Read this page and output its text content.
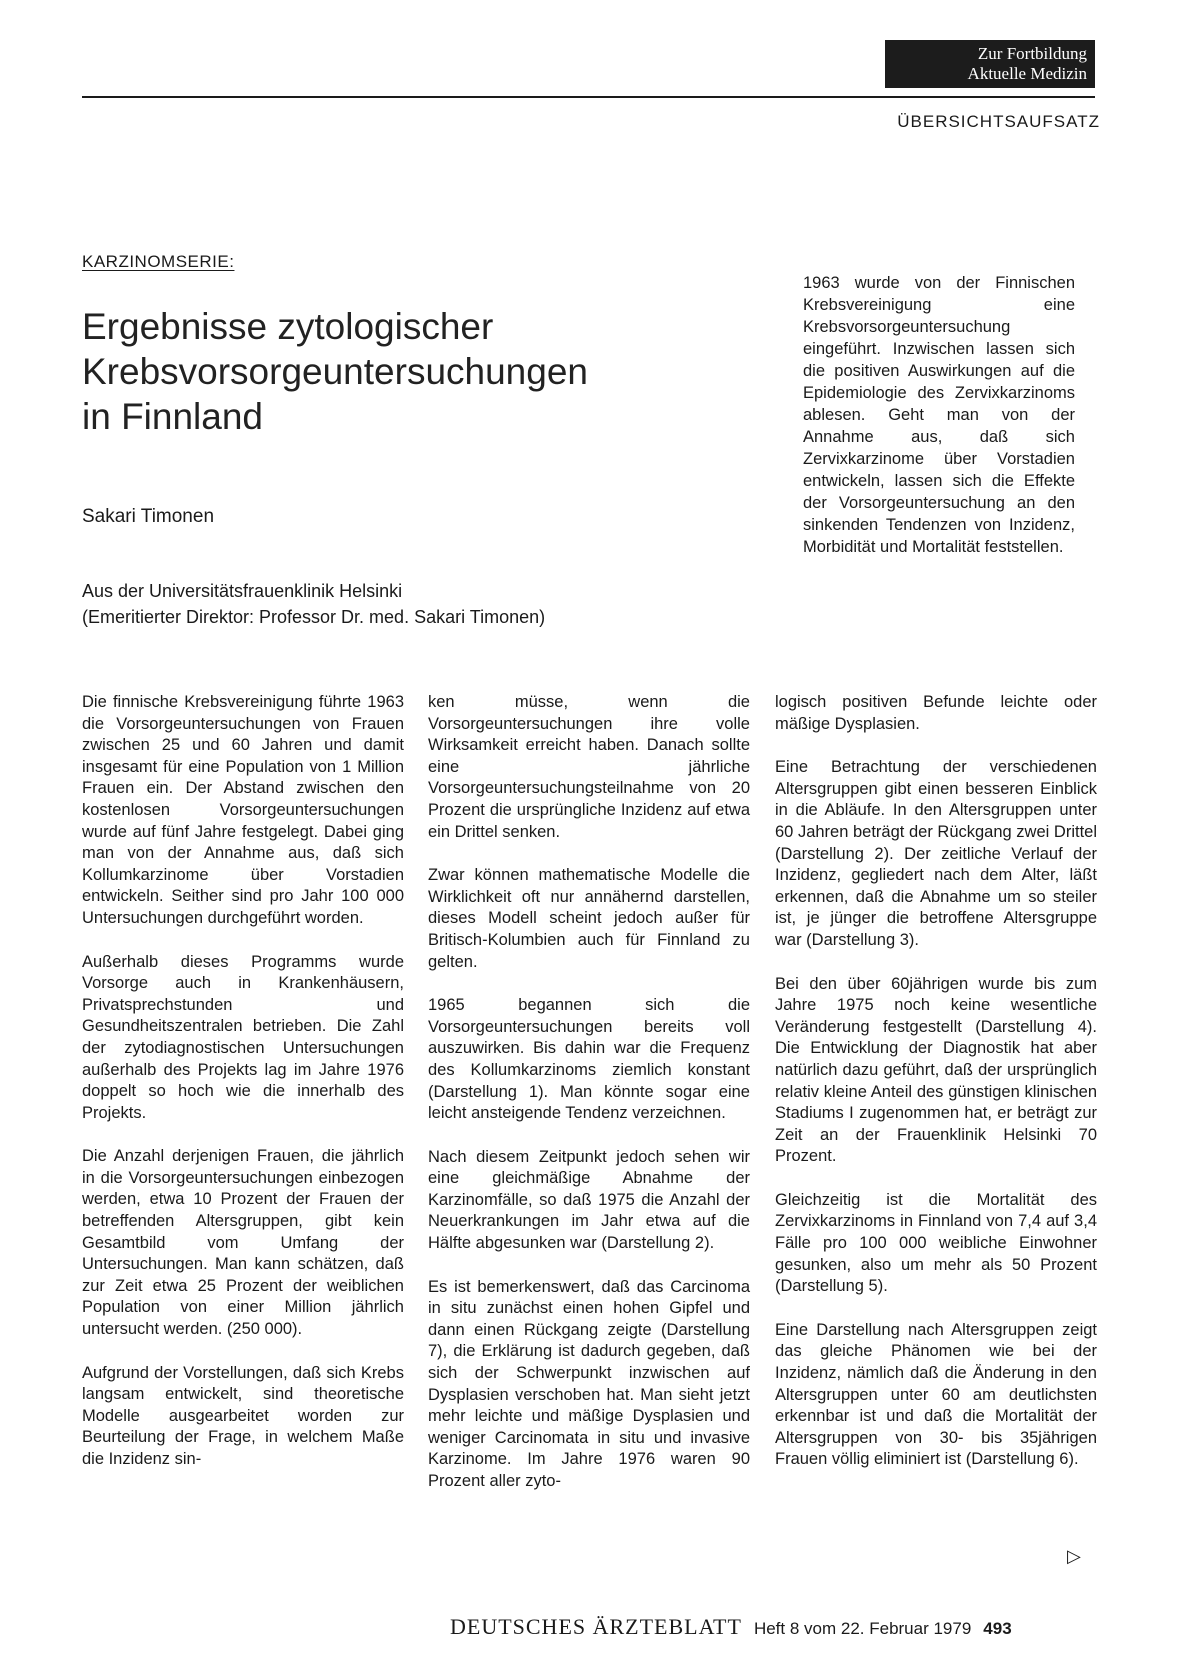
Zur Fortbildung
Aktuelle Medizin
ÜBERSICHTSAUFSATZ
KARZINOMSERIE:
Ergebnisse zytologischer
Krebsvorsorgeuntersuchungen
in Finnland
Sakari Timonen
Aus der Universitätsfrauenklinik Helsinki
(Emeritierter Direktor: Professor Dr. med. Sakari Timonen)

1963 wurde von der Finnischen Krebsvereinigung eine Krebsvorsorgeuntersuchung eingeführt. Inzwischen lassen sich die positiven Auswirkungen auf die Epidemiologie des Zervixkarzinoms ablesen. Geht man von der Annahme aus, daß sich Zervixkarzinome über Vorstadien entwickeln, lassen sich die Effekte der Vorsorgeuntersuchung an den sinkenden Tendenzen von Inzidenz, Morbidität und Mortalität feststellen.

Die finnische Krebsvereinigung führte 1963 die Vorsorgeuntersuchungen von Frauen zwischen 25 und 60 Jahren und damit insgesamt für eine Population von 1 Million Frauen ein. Der Abstand zwischen den kostenlosen Vorsorgeuntersuchungen wurde auf fünf Jahre festgelegt. Dabei ging man von der Annahme aus, daß sich Kollumkarzinome über Vorstadien entwickeln. Seither sind pro Jahr 100 000 Untersuchungen durchgeführt worden.

Außerhalb dieses Programms wurde Vorsorge auch in Krankenhäusern, Privatsprechstunden und Gesundheitszentralen betrieben. Die Zahl der zytodiagnostischen Untersuchungen außerhalb des Projekts lag im Jahre 1976 doppelt so hoch wie die innerhalb des Projekts.

Die Anzahl derjenigen Frauen, die jährlich in die Vorsorgeuntersuchungen einbezogen werden, etwa 10 Prozent der Frauen der betreffenden Altersgruppen, gibt kein Gesamtbild vom Umfang der Untersuchungen. Man kann schätzen, daß zur Zeit etwa 25 Prozent der weiblichen Population von einer Million jährlich untersucht werden. (250 000).

Aufgrund der Vorstellungen, daß sich Krebs langsam entwickelt, sind theoretische Modelle ausgearbeitet worden zur Beurteilung der Frage, in welchem Maße die Inzidenz sin-

ken müsse, wenn die Vorsorgeuntersuchungen ihre volle Wirksamkeit erreicht haben. Danach sollte eine jährliche Vorsorgeuntersuchungsteilnahme von 20 Prozent die ursprüngliche Inzidenz auf etwa ein Drittel senken.

Zwar können mathematische Modelle die Wirklichkeit oft nur annähernd darstellen, dieses Modell scheint jedoch außer für Britisch-Kolumbien auch für Finnland zu gelten.

1965 begannen sich die Vorsorgeuntersuchungen bereits voll auszuwirken. Bis dahin war die Frequenz des Kollumkarzinoms ziemlich konstant (Darstellung 1). Man könnte sogar eine leicht ansteigende Tendenz verzeichnen.

Nach diesem Zeitpunkt jedoch sehen wir eine gleichmäßige Abnahme der Karzinomfälle, so daß 1975 die Anzahl der Neuerkrankungen im Jahr etwa auf die Hälfte abgesunken war (Darstellung 2).

Es ist bemerkenswert, daß das Carcinoma in situ zunächst einen hohen Gipfel und dann einen Rückgang zeigte (Darstellung 7), die Erklärung ist dadurch gegeben, daß sich der Schwerpunkt inzwischen auf Dysplasien verschoben hat. Man sieht jetzt mehr leichte und mäßige Dysplasien und weniger Carcinomata in situ und invasive Karzinome. Im Jahre 1976 waren 90 Prozent aller zyto-

logisch positiven Befunde leichte oder mäßige Dysplasien.

Eine Betrachtung der verschiedenen Altersgruppen gibt einen besseren Einblick in die Abläufe. In den Altersgruppen unter 60 Jahren beträgt der Rückgang zwei Drittel (Darstellung 2). Der zeitliche Verlauf der Inzidenz, gegliedert nach dem Alter, läßt erkennen, daß die Abnahme um so steiler ist, je jünger die betroffene Altersgruppe war (Darstellung 3).

Bei den über 60jährigen wurde bis zum Jahre 1975 noch keine wesentliche Veränderung festgestellt (Darstellung 4). Die Entwicklung der Diagnostik hat aber natürlich dazu geführt, daß der ursprünglich relativ kleine Anteil des günstigen klinischen Stadiums I zugenommen hat, er beträgt zur Zeit an der Frauenklinik Helsinki 70 Prozent.

Gleichzeitig ist die Mortalität des Zervixkarzinoms in Finnland von 7,4 auf 3,4 Fälle pro 100 000 weibliche Einwohner gesunken, also um mehr als 50 Prozent (Darstellung 5).

Eine Darstellung nach Altersgruppen zeigt das gleiche Phänomen wie bei der Inzidenz, nämlich daß die Änderung in den Altersgruppen unter 60 am deutlichsten erkennbar ist und daß die Mortalität der Altersgruppen von 30- bis 35jährigen Frauen völlig eliminiert ist (Darstellung 6).

▷
DEUTSCHES ÄRZTEBLATT Heft 8 vom 22. Februar 1979 493
